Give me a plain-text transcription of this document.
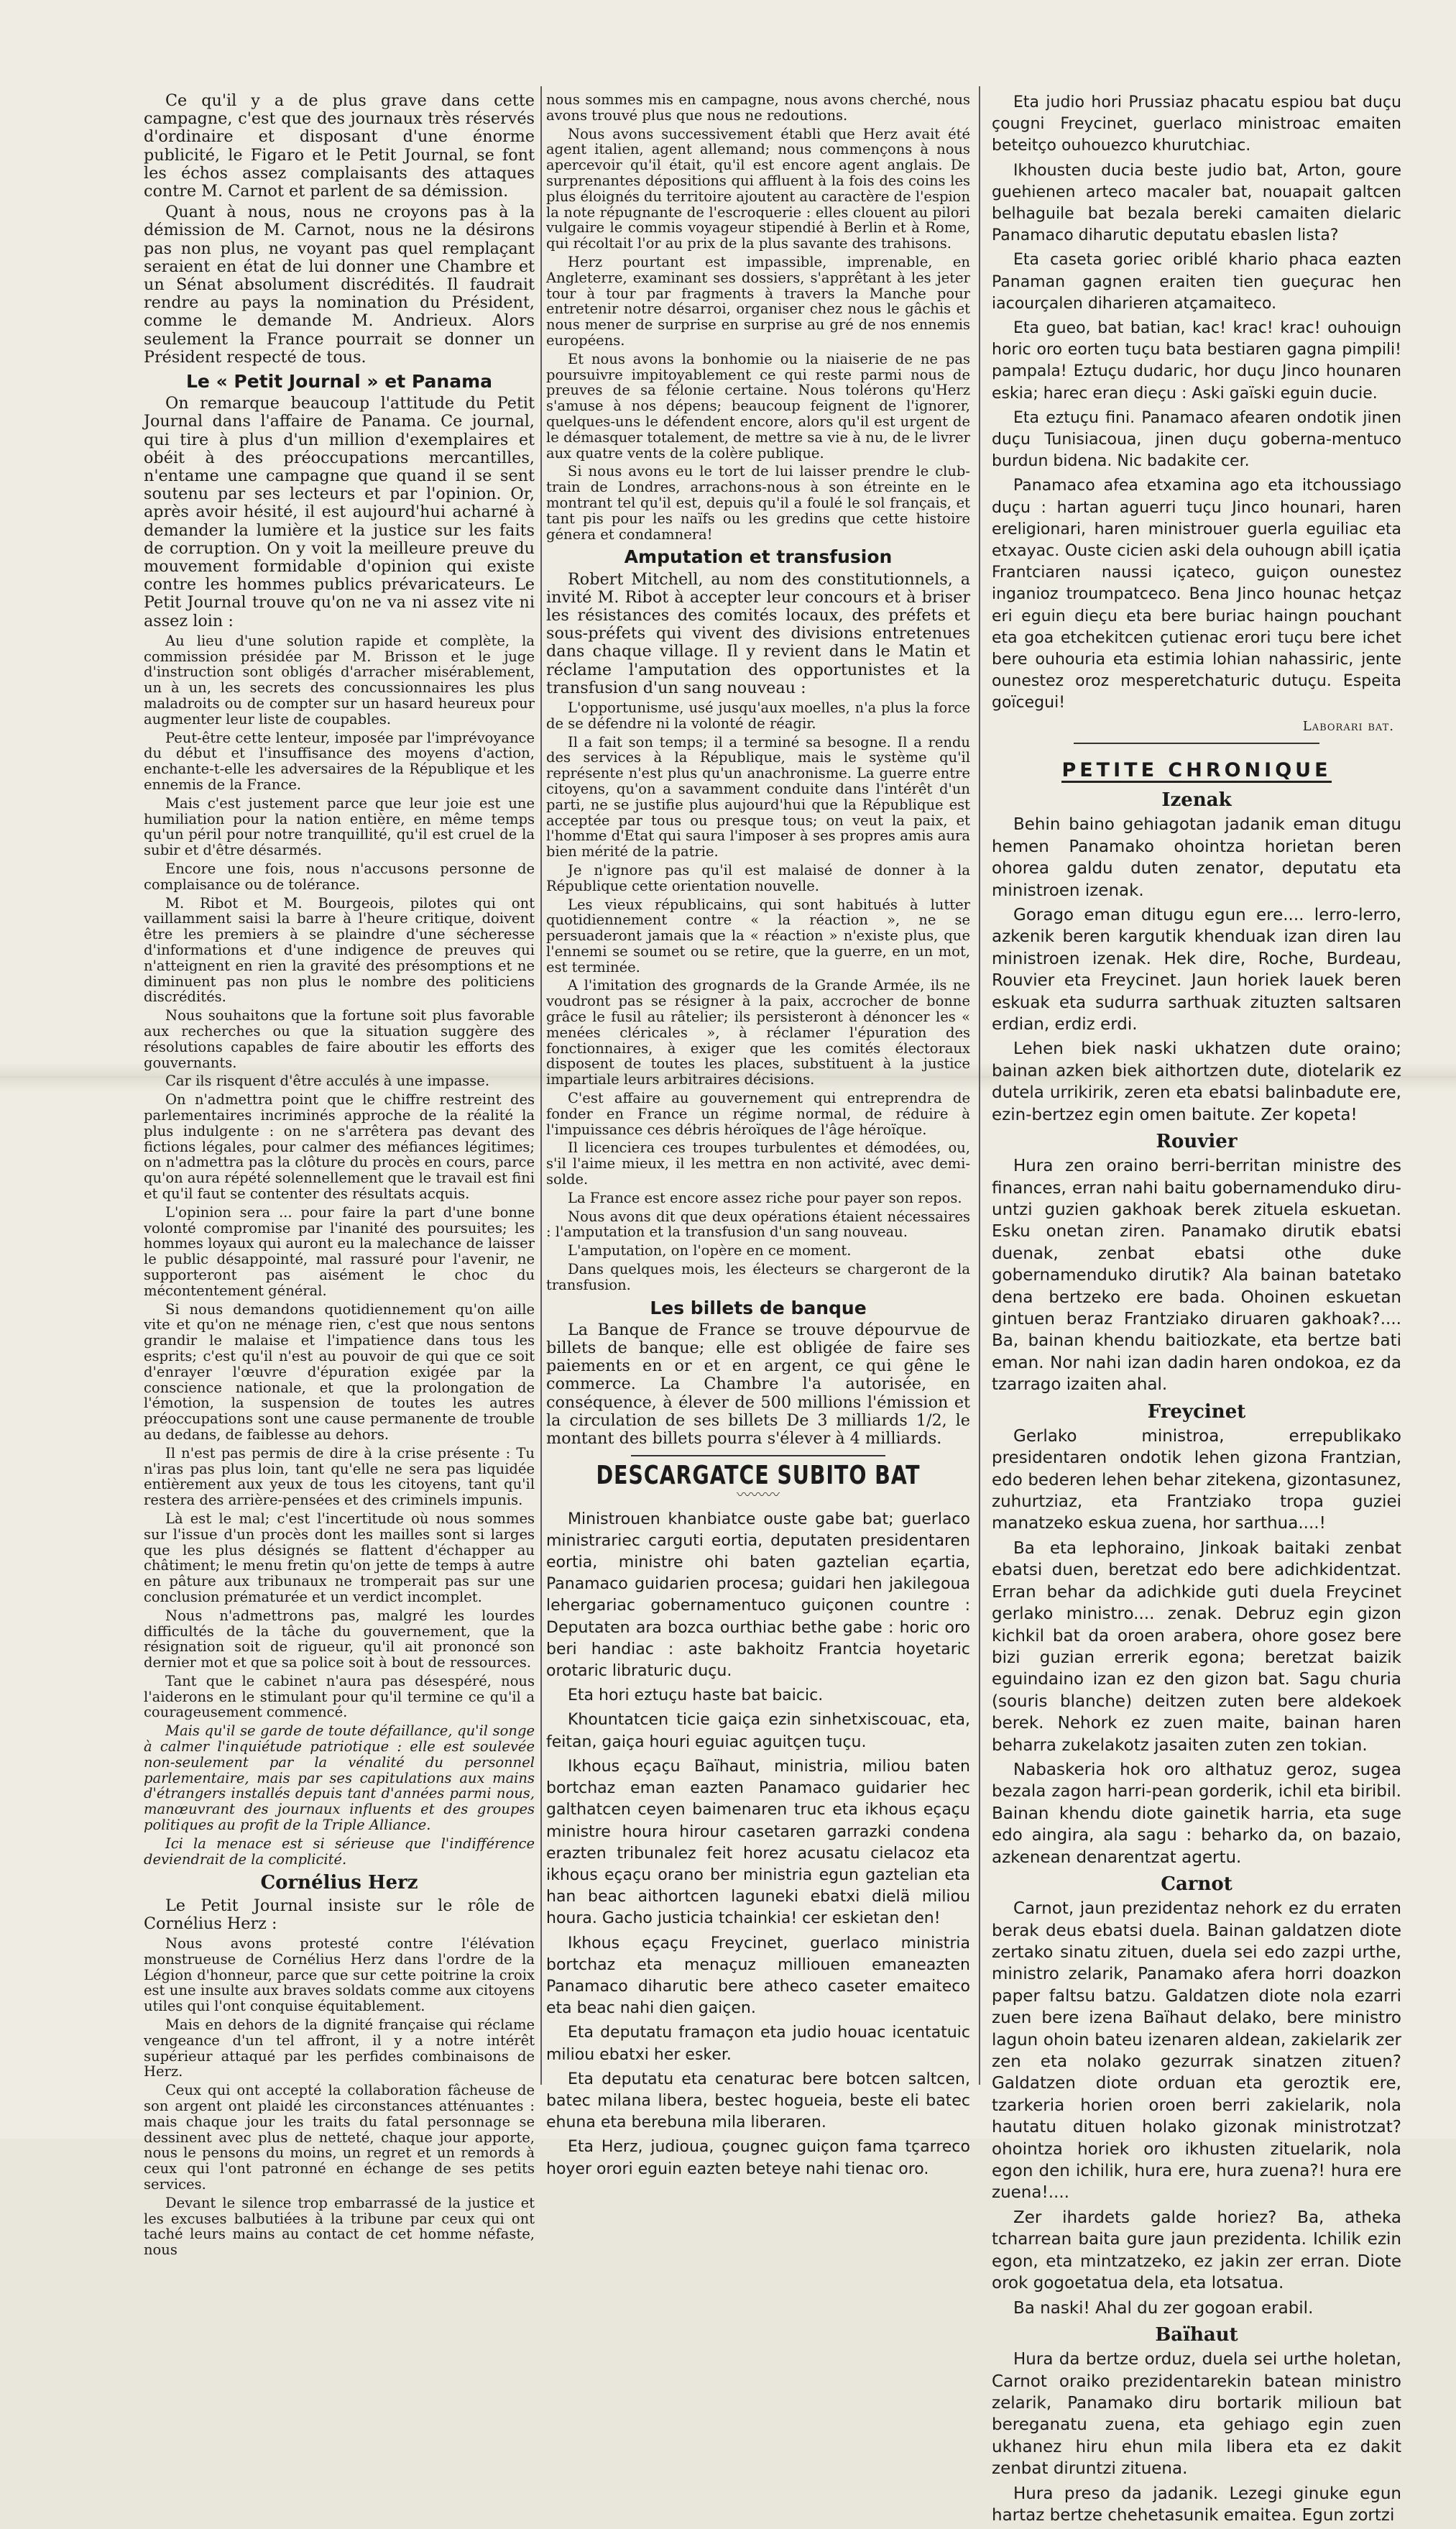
Ce qu'il y a de plus grave dans cette campagne, c'est que des journaux très réservés d'ordinaire et disposant d'une énorme publicité, le Figaro et le Petit Journal, se font les échos assez complaisants des attaques contre M. Carnot et parlent de sa démission.

Quant à nous, nous ne croyons pas à la démission de M. Carnot, nous ne la désirons pas non plus, ne voyant pas quel remplaçant seraient en état de lui donner une Chambre et un Sénat absolument discrédités. Il faudrait rendre au pays la nomination du Président, comme le demande M. Andrieux. Alors seulement la France pourrait se donner un Président respecté de tous.

Le « Petit Journal » et Panama

On remarque beaucoup l'attitude du Petit Journal dans l'affaire de Panama. Ce journal, qui tire à plus d'un million d'exemplaires et obéit à des préoccupations mercantilles, n'entame une campagne que quand il se sent soutenu par ses lecteurs et par l'opinion. Or, après avoir hésité, il est aujourd'hui acharné à demander la lumière et la justice sur les faits de corruption. On y voit la meilleure preuve du mouvement formidable d'opinion qui existe contre les hommes publics prévaricateurs. Le Petit Journal trouve qu'on ne va ni assez vite ni assez loin :

Au lieu d'une solution rapide et complète, la commission présidée par M. Brisson et le juge d'instruction sont obligés d'arracher misérablement, un à un, les secrets des concussionnaires les plus maladroits ou de compter sur un hasard heureux pour augmenter leur liste de coupables.

Peut-être cette lenteur, imposée par l'imprévoyance du début et l'insuffisance des moyens d'action, enchante-t-elle les adversaires de la République et les ennemis de la France.

Mais c'est justement parce que leur joie est une humiliation pour la nation entière, en même temps qu'un péril pour notre tranquillité, qu'il est cruel de la subir et d'être désarmés.

Encore une fois, nous n'accusons personne de complaisance ou de tolérance.

M. Ribot et M. Bourgeois, pilotes qui ont vaillamment saisi la barre à l'heure critique, doivent être les premiers à se plaindre d'une sécheresse d'informations et d'une indigence de preuves qui n'atteignent en rien la gravité des présomptions et ne diminuent pas non plus le nombre des politiciens discrédités.

Nous souhaitons que la fortune soit plus favorable aux recherches ou que la situation suggère des résolutions capables de faire aboutir les efforts des gouvernants.

Car ils risquent d'être acculés à une impasse.

On n'admettra point que le chiffre restreint des parlementaires incriminés approche de la réalité la plus indulgente : on ne s'arrêtera pas devant des fictions légales, pour calmer des méfiances légitimes; on n'admettra pas la clôture du procès en cours, parce qu'on aura répété solennellement que le travail est fini et qu'il faut se contenter des résultats acquis.

L'opinion sera ... pour faire la part d'une bonne volonté compromise par l'inanité des poursuites; les hommes loyaux qui auront eu la malechance de laisser le public désappointé, mal rassuré pour l'avenir, ne supporteront pas aisément le choc du mécontentement général.

Si nous demandons quotidiennement qu'on aille vite et qu'on ne ménage rien, c'est que nous sentons grandir le malaise et l'impatience dans tous les esprits; c'est qu'il n'est au pouvoir de qui que ce soit d'enrayer l'œuvre d'épuration exigée par la conscience nationale, et que la prolongation de l'émotion, la suspension de toutes les autres préoccupations sont une cause permanente de trouble au dedans, de faiblesse au dehors.

Il n'est pas permis de dire à la crise présente : Tu n'iras pas plus loin, tant qu'elle ne sera pas liquidée entièrement aux yeux de tous les citoyens, tant qu'il restera des arrière-pensées et des criminels impunis.

Là est le mal; c'est l'incertitude où nous sommes sur l'issue d'un procès dont les mailles sont si larges que les plus désignés se flattent d'échapper au châtiment; le menu fretin qu'on jette de temps à autre en pâture aux tribunaux ne tromperait pas sur une conclusion prématurée et un verdict incomplet.

Nous n'admettrons pas, malgré les lourdes difficultés de la tâche du gouvernement, que la résignation soit de rigueur, qu'il ait prononcé son dernier mot et que sa police soit à bout de ressources.

Tant que le cabinet n'aura pas désespéré, nous l'aiderons en le stimulant pour qu'il termine ce qu'il a courageusement commencé.

Mais qu'il se garde de toute défaillance, qu'il songe à calmer l'inquiétude patriotique : elle est soulevée non-seulement par la vénalité du personnel parlementaire, mais par ses capitulations aux mains d'étrangers installés depuis tant d'années parmi nous, manœuvrant des journaux influents et des groupes politiques au profit de la Triple Alliance.

Ici la menace est si sérieuse que l'indifférence deviendrait de la complicité.

Cornélius Herz

Le Petit Journal insiste sur le rôle de Cornélius Herz :

Nous avons protesté contre l'élévation monstrueuse de Cornélius Herz dans l'ordre de la Légion d'honneur, parce que sur cette poitrine la croix est une insulte aux braves soldats comme aux citoyens utiles qui l'ont conquise équitablement.

Mais en dehors de la dignité française qui réclame vengeance d'un tel affront, il y a notre intérêt supérieur attaqué par les perfides combinaisons de Herz.

Ceux qui ont accepté la collaboration fâcheuse de son argent ont plaidé les circonstances atténuantes : mais chaque jour les traits du fatal personnage se dessinent avec plus de netteté, chaque jour apporte, nous le pensons du moins, un regret et un remords à ceux qui l'ont patronné en échange de ses petits services.

Devant le silence trop embarrassé de la justice et les excuses balbutiées à la tribune par ceux qui ont taché leurs mains au contact de cet homme néfaste, nous

nous sommes mis en campagne, nous avons cherché, nous avons trouvé plus que nous ne redoutions.

Nous avons successivement établi que Herz avait été agent italien, agent allemand; nous commençons à nous apercevoir qu'il était, qu'il est encore agent anglais. De surprenantes dépositions qui affluent à la fois des coins les plus éloignés du territoire ajoutent au caractère de l'espion la note répugnante de l'escroquerie : elles clouent au pilori vulgaire le commis voyageur stipendié à Berlin et à Rome, qui récoltait l'or au prix de la plus savante des trahisons.

Herz pourtant est impassible, imprenable, en Angleterre, examinant ses dossiers, s'apprêtant à les jeter tour à tour par fragments à travers la Manche pour entretenir notre désarroi, organiser chez nous le gâchis et nous mener de surprise en surprise au gré de nos ennemis européens.

Et nous avons la bonhomie ou la niaiserie de ne pas poursuivre impitoyablement ce qui reste parmi nous de preuves de sa félonie certaine. Nous tolérons qu'Herz s'amuse à nos dépens; beaucoup feignent de l'ignorer, quelques-uns le défendent encore, alors qu'il est urgent de le démasquer totalement, de mettre sa vie à nu, de le livrer aux quatre vents de la colère publique.

Si nous avons eu le tort de lui laisser prendre le club-train de Londres, arrachons-nous à son étreinte en le montrant tel qu'il est, depuis qu'il a foulé le sol français, et tant pis pour les naïfs ou les gredins que cette histoire génera et condamnera!

Amputation et transfusion

Robert Mitchell, au nom des constitutionnels, a invité M. Ribot à accepter leur concours et à briser les résistances des comités locaux, des préfets et sous-préfets qui vivent des divisions entretenues dans chaque village. Il y revient dans le Matin et réclame l'amputation des opportunistes et la transfusion d'un sang nouveau :

L'opportunisme, usé jusqu'aux moelles, n'a plus la force de se défendre ni la volonté de réagir.

Il a fait son temps; il a terminé sa besogne. Il a rendu des services à la République, mais le système qu'il représente n'est plus qu'un anachronisme. La guerre entre citoyens, qu'on a savamment conduite dans l'intérêt d'un parti, ne se justifie plus aujourd'hui que la République est acceptée par tous ou presque tous; on veut la paix, et l'homme d'Etat qui saura l'imposer à ses propres amis aura bien mérité de la patrie.

Je n'ignore pas qu'il est malaisé de donner à la République cette orientation nouvelle.

Les vieux républicains, qui sont habitués à lutter quotidiennement contre « la réaction », ne se persuaderont jamais que la « réaction » n'existe plus, que l'ennemi se soumet ou se retire, que la guerre, en un mot, est terminée.

A l'imitation des grognards de la Grande Armée, ils ne voudront pas se résigner à la paix, accrocher de bonne grâce le fusil au râtelier; ils persisteront à dénoncer les « menées cléricales », à réclamer l'épuration des fonctionnaires, à exiger que les comités électoraux disposent de toutes les places, substituent à la justice impartiale leurs arbitraires décisions.

C'est affaire au gouvernement qui entreprendra de fonder en France un régime normal, de réduire à l'impuissance ces débris héroïques de l'âge héroïque.

Il licenciera ces troupes turbulentes et démodées, ou, s'il l'aime mieux, il les mettra en non activité, avec demi-solde.

La France est encore assez riche pour payer son repos.

Nous avons dit que deux opérations étaient nécessaires : l'amputation et la transfusion d'un sang nouveau.

L'amputation, on l'opère en ce moment.

Dans quelques mois, les électeurs se chargeront de la transfusion.

Les billets de banque

La Banque de France se trouve dépourvue de billets de banque; elle est obligée de faire ses paiements en or et en argent, ce qui gêne le commerce. La Chambre l'a autorisée, en conséquence, à élever de 500 millions l'émission et la circulation de ses billets De 3 milliards 1/2, le montant des billets pourra s'élever à 4 milliards.

DESCARGATCE SUBITO BAT
〰〰〰

Ministrouen khanbiatce ouste gabe bat; guerlaco ministrariec carguti eortia, deputaten presidentaren eortia, ministre ohi baten gaztelian eçartia, Panamaco guidarien procesa; guidari hen jakilegoua lehergariac gobernamentuco guiçonen countre : Deputaten ara bozca ourthiac bethe gabe : horic oro beri handiac : aste bakhoitz Frantcia hoyetaric orotaric libraturic duçu.

Eta hori eztuçu haste bat baicic.

Khountatcen ticie gaiça ezin sinhetxiscouac, eta, feitan, gaiça houri eguiac aguitçen tuçu.

Ikhous eçaçu Baïhaut, ministria, miliou baten bortchaz eman eazten Panamaco guidarier hec galthatcen ceyen baimenaren truc eta ikhous eçaçu ministre houra hirour casetaren garrazki condena erazten tribunalez feit horez acusatu cielacoz eta ikhous eçaçu orano ber ministria egun gaztelian eta han beac aithortcen laguneki ebatxi dielä miliou houra. Gacho justicia tchainkia! cer eskietan den!

Ikhous eçaçu Freycinet, guerlaco ministria bortchaz eta menaçuz milliouen emaneazten Panamaco diharutic bere atheco caseter emaiteco eta beac nahi dien gaiçen.

Eta deputatu framaçon eta judio houac icentatuic miliou ebatxi her esker.

Eta deputatu eta cenaturac bere botcen saltcen, batec milana libera, bestec hogueia, beste eli batec ehuna eta berebuna mila liberaren.

Eta Herz, judioua, çougnec guiçon fama tçarreco hoyer orori eguin eazten beteye nahi tienac oro.

Eta judio hori Prussiaz phacatu espiou bat duçu çougni Freycinet, guerlaco ministroac emaiten beteitço ouhouezco khurutchiac.

Ikhousten ducia beste judio bat, Arton, goure guehienen arteco macaler bat, nouapait galtcen belhaguile bat bezala bereki camaiten dielaric Panamaco diharutic deputatu ebaslen lista?

Eta caseta goriec oriblé khario phaca eazten Panaman gagnen eraiten tien gueçurac hen iacourçalen diharieren atçamaiteco.

Eta gueo, bat batian, kac! krac! krac! ouhouign horic oro eorten tuçu bata bestiaren gagna pimpili! pampala! Eztuçu dudaric, hor duçu Jinco hounaren eskia; harec eran dieçu : Aski gaïski eguin ducie.

Eta eztuçu fini. Panamaco afearen ondotik jinen duçu Tunisiacoua, jinen duçu goberna-mentuco burdun bidena. Nic badakite cer.

Panamaco afea etxamina ago eta itchoussiago duçu : hartan aguerri tuçu Jinco hounari, haren ereligionari, haren ministrouer guerla eguiliac eta etxayac. Ouste cicien aski dela ouhougn abill içatia Frantciaren naussi içateco, guiçon ounestez inganioz troumpatceco. Bena Jinco hounac hetçaz eri eguin dieçu eta bere buriac haingn pouchant eta goa etchekitcen çutienac erori tuçu bere ichet bere ouhouria eta estimia lohian nahassiric, jente ounestez oroz mesperetchaturic dutuçu. Espeita goïcegui!

Laborari bat.
PETITE CHRONIQUE
Izenak

Behin baino gehiagotan jadanik eman ditugu hemen Panamako ohointza horietan beren ohorea galdu duten zenator, deputatu eta ministroen izenak.

Gorago eman ditugu egun ere.... lerro-lerro, azkenik beren kargutik khenduak izan diren lau ministroen izenak. Hek dire, Roche, Burdeau, Rouvier eta Freycinet. Jaun horiek lauek beren eskuak eta sudurra sarthuak zituzten saltsaren erdian, erdiz erdi.

Lehen biek naski ukhatzen dute oraino; bainan azken biek aithortzen dute, diotelarik ez dutela urrikirik, zeren eta ebatsi balinbadute ere, ezin-bertzez egin omen baitute. Zer kopeta!

Rouvier

Hura zen oraino berri-berritan ministre des finances, erran nahi baitu gobernamenduko diru-untzi guzien gakhoak berek zituela eskuetan. Esku onetan ziren. Panamako dirutik ebatsi duenak, zenbat ebatsi othe duke gobernamenduko dirutik? Ala bainan batetako dena bertzeko ere bada. Ohoinen eskuetan gintuen beraz Frantziako diruaren gakhoak?.... Ba, bainan khendu baitiozkate, eta bertze bati eman. Nor nahi izan dadin haren ondokoa, ez da tzarrago izaiten ahal.

Freycinet

Gerlako ministroa, errepublikako presidentaren ondotik lehen gizona Frantzian, edo bederen lehen behar zitekena, gizontasunez, zuhurtziaz, eta Frantziako tropa guziei manatzeko eskua zuena, hor sarthua....!

Ba eta lephoraino, Jinkoak baitaki zenbat ebatsi duen, beretzat edo bere adichkidentzat. Erran behar da adichkide guti duela Freycinet gerlako ministro.... zenak. Debruz egin gizon kichkil bat da oroen arabera, ohore gosez bere bizi guzian errerik egona; beretzat baizik eguindaino izan ez den gizon bat. Sagu churia (souris blanche) deitzen zuten bere aldekoek berek. Nehork ez zuen maite, bainan haren beharra zukelakotz jasaiten zuten zen tokian.

Nabaskeria hok oro althatuz geroz, sugea bezala zagon harri-pean gorderik, ichil eta biribil. Bainan khendu diote gainetik harria, eta suge edo aingira, ala sagu : beharko da, on bazaio, azkenean denarentzat agertu.

Carnot

Carnot, jaun prezidentaz nehork ez du erraten berak deus ebatsi duela. Bainan galdatzen diote zertako sinatu zituen, duela sei edo zazpi urthe, ministro zelarik, Panamako afera horri doazkon paper faltsu batzu. Galdatzen diote nola ezarri zuen bere izena Baïhaut delako, bere ministro lagun ohoin bateu izenaren aldean, zakielarik zer zen eta nolako gezurrak sinatzen zituen? Galdatzen diote orduan eta geroztik ere, tzarkeria horien oroen berri zakielarik, nola hautatu dituen holako gizonak ministrotzat? ohointza horiek oro ikhusten zituelarik, nola egon den ichilik, hura ere, hura zuena?! hura ere zuena!....

Zer ihardets galde horiez? Ba, atheka tcharrean baita gure jaun prezidenta. Ichilik ezin egon, eta mintzatzeko, ez jakin zer erran. Diote orok gogoetatua dela, eta lotsatua.

Ba naski! Ahal du zer gogoan erabil.

Baïhaut

Hura da bertze orduz, duela sei urthe holetan, Carnot oraiko prezidentarekin batean ministro zelarik, Panamako diru bortarik milioun bat bereganatu zuena, eta gehiago egin zuen ukhanez hiru ehun mila libera eta ez dakit zenbat diruntzi zituena.

Hura preso da jadanik. Lezegi ginuke egun hartaz bertze chehetasunik emaitea. Egun zortzi
